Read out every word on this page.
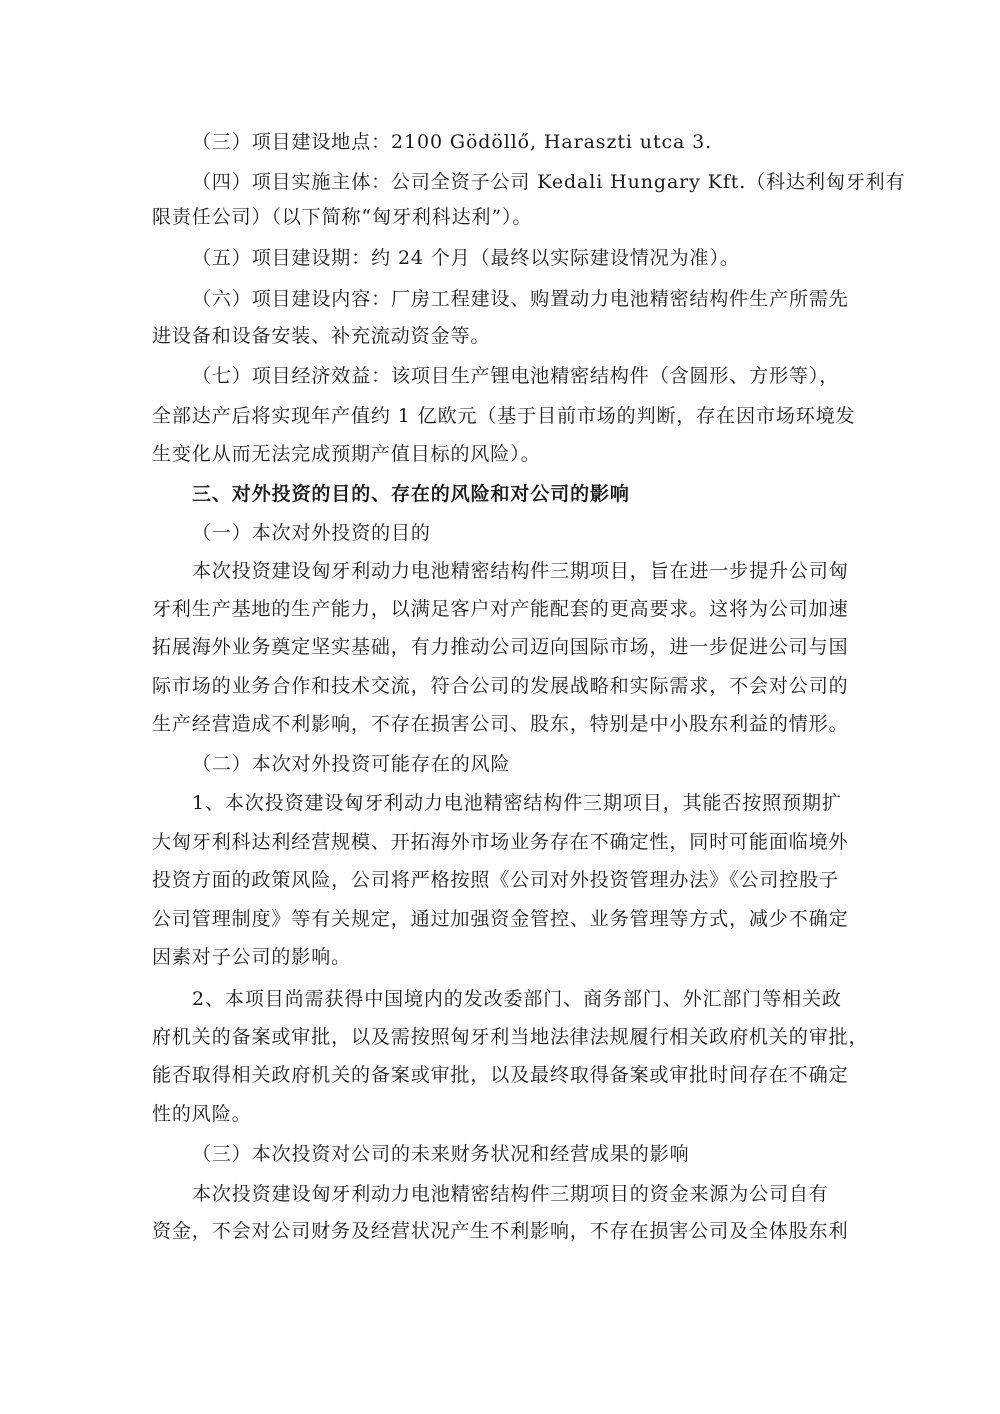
（三）项目建设地点：2100 Gödöllő, Haraszti utca 3.
（四）项目实施主体：公司全资子公司 Kedali Hungary Kft.（科达利匈牙利有
限责任公司）（以下简称“匈牙利科达利”）。
（五）项目建设期：约 24 个月（最终以实际建设情况为准）。
（六）项目建设内容：厂房工程建设、购置动力电池精密结构件生产所需先
进设备和设备安装、补充流动资金等。
（七）项目经济效益：该项目生产锂电池精密结构件（含圆形、方形等），
全部达产后将实现年产值约 1 亿欧元（基于目前市场的判断，存在因市场环境发
生变化从而无法完成预期产值目标的风险）。
三、对外投资的目的、存在的风险和对公司的影响
（一）本次对外投资的目的
本次投资建设匈牙利动力电池精密结构件三期项目，旨在进一步提升公司匈
牙利生产基地的生产能力，以满足客户对产能配套的更高要求。这将为公司加速
拓展海外业务奠定坚实基础，有力推动公司迈向国际市场，进一步促进公司与国
际市场的业务合作和技术交流，符合公司的发展战略和实际需求，不会对公司的
生产经营造成不利影响，不存在损害公司、股东，特别是中小股东利益的情形。
（二）本次对外投资可能存在的风险
1、本次投资建设匈牙利动力电池精密结构件三期项目，其能否按照预期扩
大匈牙利科达利经营规模、开拓海外市场业务存在不确定性，同时可能面临境外
投资方面的政策风险，公司将严格按照《公司对外投资管理办法》《公司控股子
公司管理制度》等有关规定，通过加强资金管控、业务管理等方式，减少不确定
因素对子公司的影响。
2、本项目尚需获得中国境内的发改委部门、商务部门、外汇部门等相关政
府机关的备案或审批，以及需按照匈牙利当地法律法规履行相关政府机关的审批，
能否取得相关政府机关的备案或审批，以及最终取得备案或审批时间存在不确定
性的风险。
（三）本次投资对公司的未来财务状况和经营成果的影响
本次投资建设匈牙利动力电池精密结构件三期项目的资金来源为公司自有
资金，不会对公司财务及经营状况产生不利影响，不存在损害公司及全体股东利
